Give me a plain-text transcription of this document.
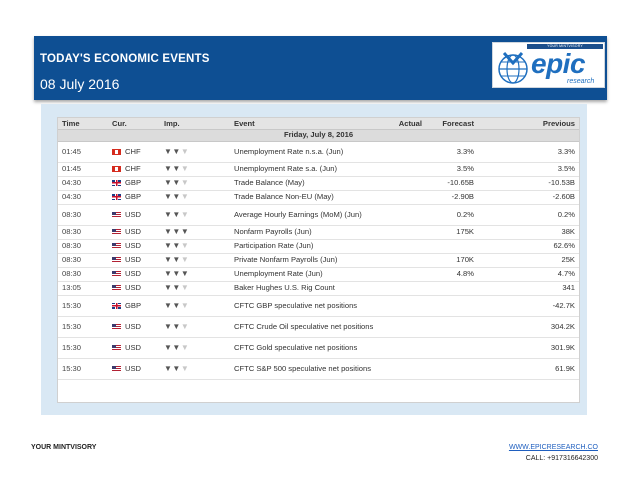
TODAY'S ECONOMIC EVENTS
08 July 2016
YOUR MINTVISORY
epic
research
Time	Cur.	Imp.	Event	Actual	Forecast	Previous
Friday, July 8, 2016						
01:45	CHF	▼▼▼	Unemployment Rate n.s.a. (Jun)		3.3%	3.3%
01:45	CHF	▼▼▼	Unemployment Rate s.a. (Jun)		3.5%	3.5%
04:30	GBP	▼▼▼	Trade Balance (May)		-10.65B	-10.53B
04:30	GBP	▼▼▼	Trade Balance Non-EU (May)		-2.90B	-2.60B
08:30	USD	▼▼▼	Average Hourly Earnings (MoM) (Jun)		0.2%	0.2%
08:30	USD	▼▼▼	Nonfarm Payrolls (Jun)		175K	38K
08:30	USD	▼▼▼	Participation Rate (Jun)			62.6%
08:30	USD	▼▼▼	Private Nonfarm Payrolls (Jun)		170K	25K
08:30	USD	▼▼▼	Unemployment Rate (Jun)		4.8%	4.7%
13:05	USD	▼▼▼	Baker Hughes U.S. Rig Count			341
15:30	GBP	▼▼▼	CFTC GBP speculative net positions			-42.7K
15:30	USD	▼▼▼	CFTC Crude Oil speculative net positions			304.2K
15:30	USD	▼▼▼	CFTC Gold speculative net positions			301.9K
15:30	USD	▼▼▼	CFTC S&P 500 speculative net positions			61.9K
YOUR MINTVISORY	WWW.EPICRESEARCH.CO
CALL: +917316642300
